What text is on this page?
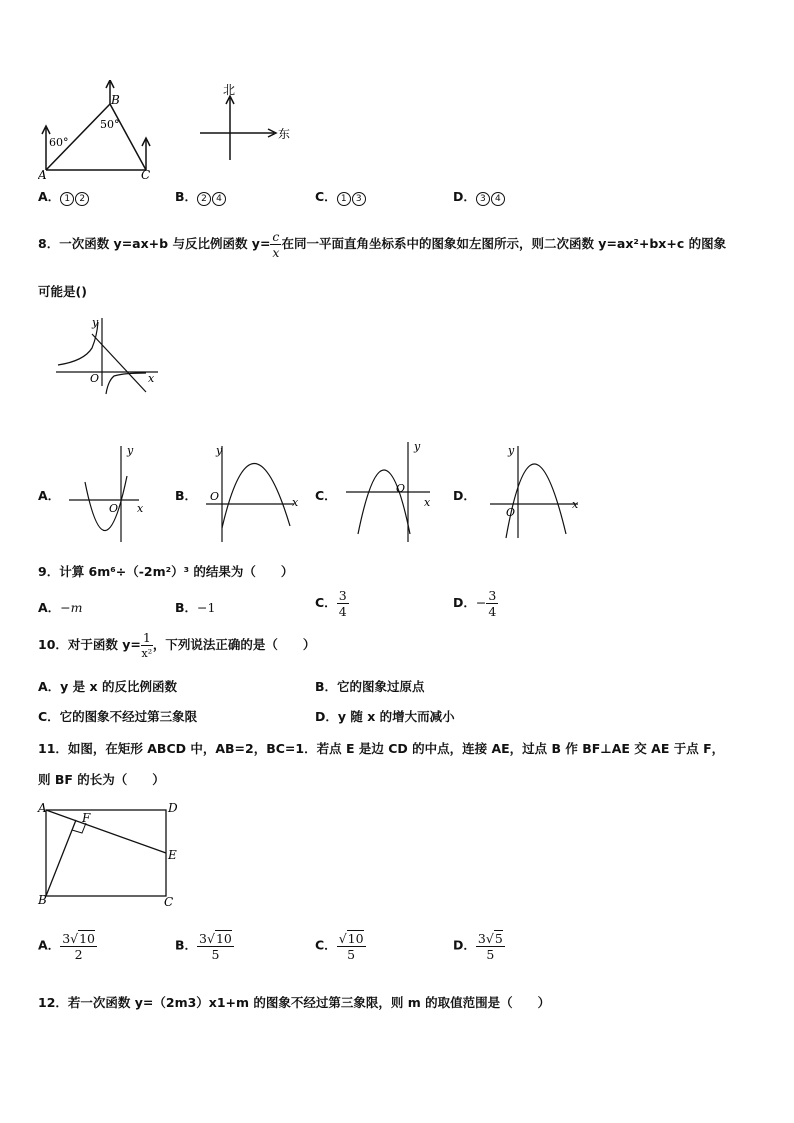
B
A	C
60°
50°
北
东
A． 1 2	B． 2 4	C． 1 3	D． 3 4
8．一次函数 y=ax+b 与反比例函数 $y= \frac{c}{x}$ 在同一平面直角坐标系中的图象如左图所示，则二次函数 y=ax²+bx+c 的图象
可能是()
y
x
O
A．
y
x
O
B．
y
x
O	C．
y
x
O	D．
y
x
O
9．计算 6m⁶÷（-2m²）³ 的结果为（　　）
A．−m	B．−1	C． $\frac{3}{4}$	D．− $\frac{3}{4}$
10．对于函数 $y= \frac{1}{\text{x²}}$ ，下列说法正确的是（　　）
A．y 是 x 的反比例函数	B．它的图象过原点
C．它的图象不经过第三象限	D．y 随 x 的增大而减小
11．如图，在矩形 ABCD 中，AB=2，BC=1．若点 E 是边 CD 的中点，连接 AE，过点 B 作 BF⊥AE 交 AE 于点 F，
则 BF 的长为（　　）
A	D
F
E
B	C
A． $\frac{3√10}{2}$	B． $\frac{3√10}{5}$	C． $\frac{√10}{5}$	D． $\frac{3√5}{5}$
12．若一次函数 y=（2m3）x1+m 的图象不经过第三象限，则 m 的取值范围是（　　）
